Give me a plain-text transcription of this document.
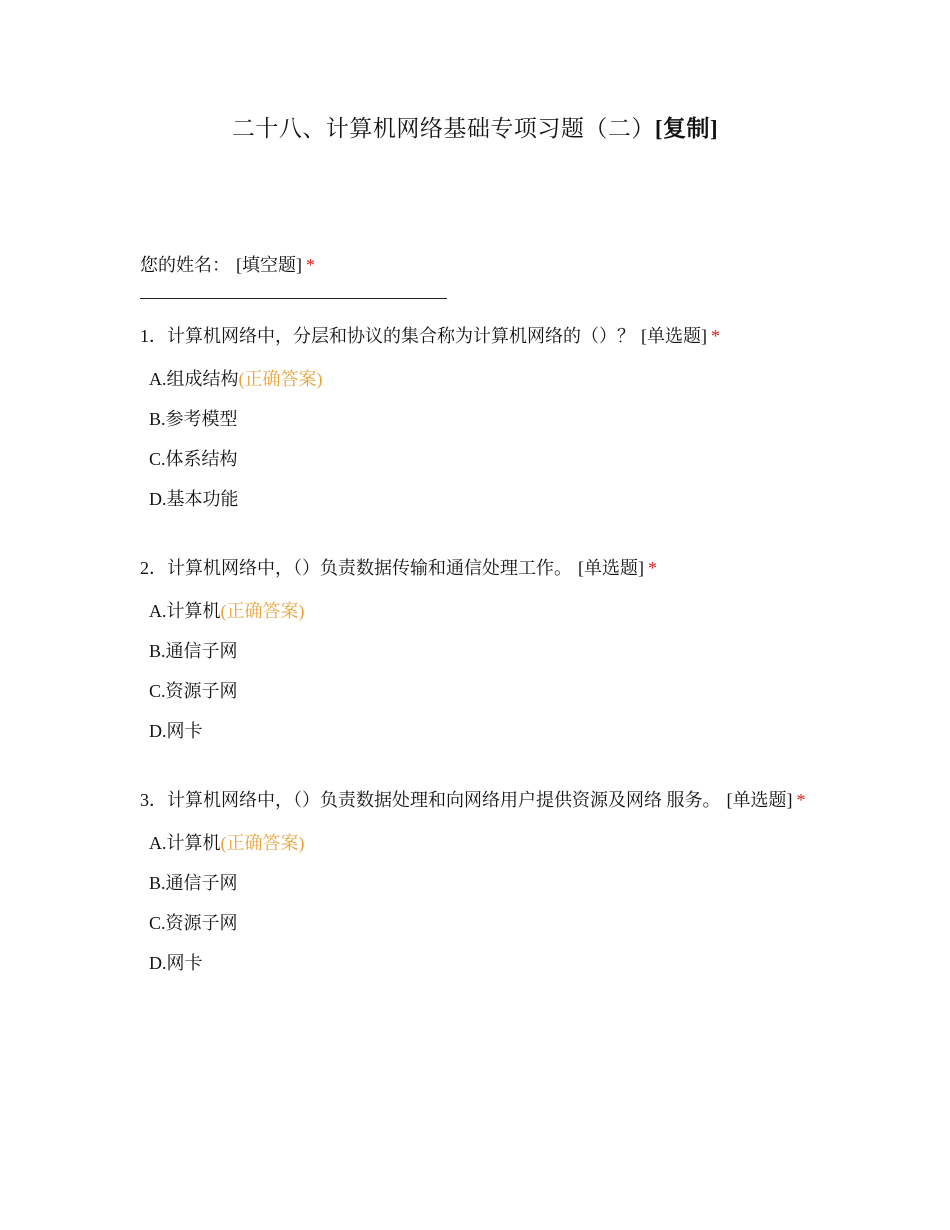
二十八、计算机网络基础专项习题（二）[复制]
您的姓名： [填空题] *
1．计算机网络中，分层和协议的集合称为计算机网络的（）？ [单选题] *
A.组成结构(正确答案)
B.参考模型
C.体系结构
D.基本功能
2．计算机网络中，（）负责数据传输和通信处理工作。 [单选题] *
A.计算机(正确答案)
B.通信子网
C.资源子网
D.网卡
3．计算机网络中，（）负责数据处理和向网络用户提供资源及网络 服务。 [单选题] *
A.计算机(正确答案)
B.通信子网
C.资源子网
D.网卡
